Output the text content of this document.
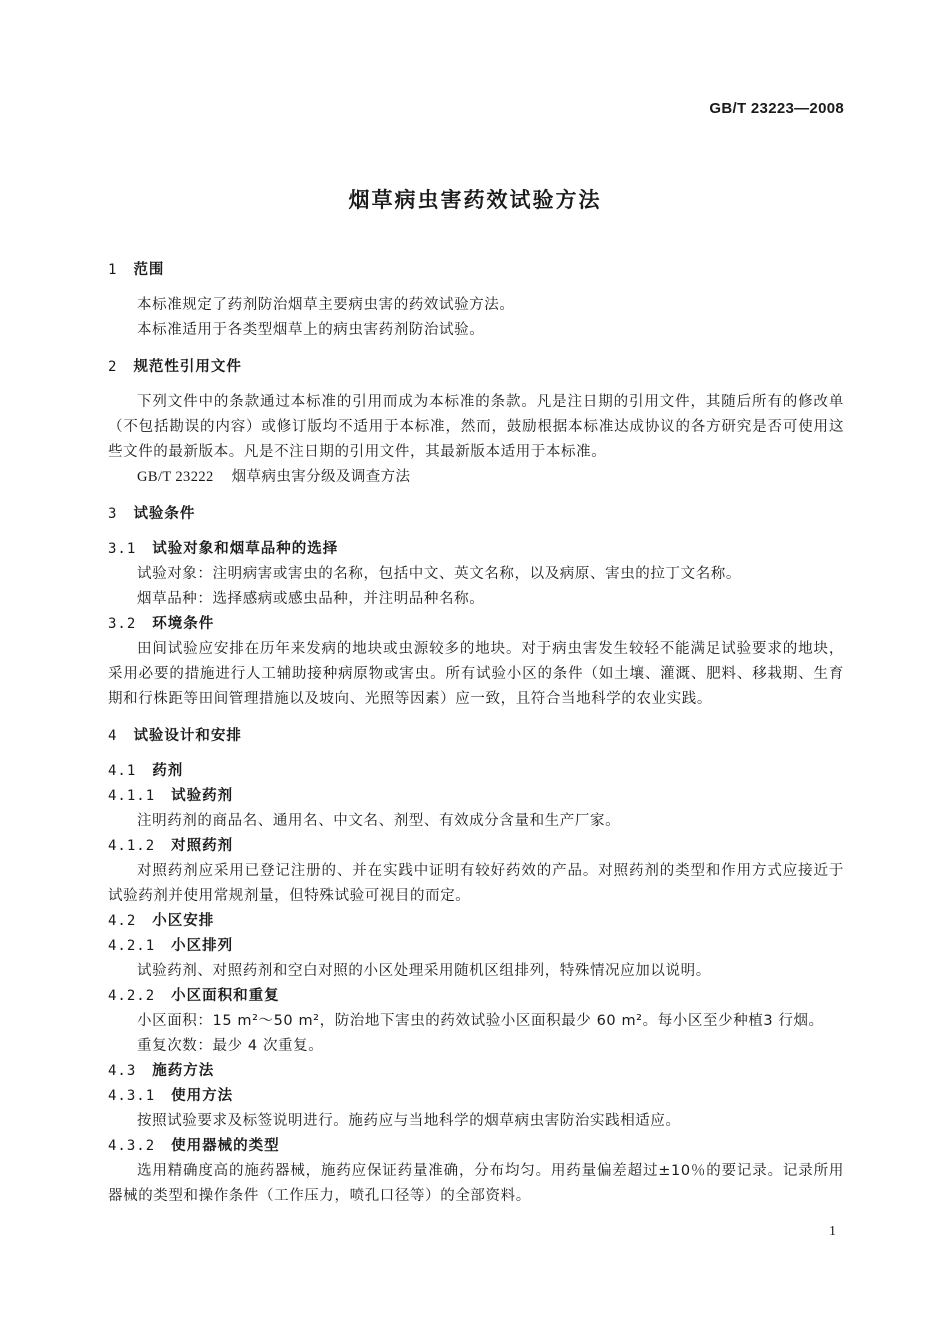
GB/T 23223—2008
烟草病虫害药效试验方法
1 范围
本标准规定了药剂防治烟草主要病虫害的药效试验方法。
本标准适用于各类型烟草上的病虫害药剂防治试验。
2 规范性引用文件
下列文件中的条款通过本标准的引用而成为本标准的条款。凡是注日期的引用文件，其随后所有的修改单（不包括勘误的内容）或修订版均不适用于本标准，然而，鼓励根据本标准达成协议的各方研究是否可使用这些文件的最新版本。凡是不注日期的引用文件，其最新版本适用于本标准。
GB/T 23222 烟草病虫害分级及调查方法
3 试验条件
3.1 试验对象和烟草品种的选择
试验对象：注明病害或害虫的名称，包括中文、英文名称，以及病原、害虫的拉丁文名称。
烟草品种：选择感病或感虫品种，并注明品种名称。
3.2 环境条件
田间试验应安排在历年来发病的地块或虫源较多的地块。对于病虫害发生较轻不能满足试验要求的地块，采用必要的措施进行人工辅助接种病原物或害虫。所有试验小区的条件（如土壤、灌溉、肥料、移栽期、生育期和行株距等田间管理措施以及坡向、光照等因素）应一致，且符合当地科学的农业实践。
4 试验设计和安排
4.1 药剂
4.1.1 试验药剂
注明药剂的商品名、通用名、中文名、剂型、有效成分含量和生产厂家。
4.1.2 对照药剂
对照药剂应采用已登记注册的、并在实践中证明有较好药效的产品。对照药剂的类型和作用方式应接近于试验药剂并使用常规剂量，但特殊试验可视目的而定。
4.2 小区安排
4.2.1 小区排列
试验药剂、对照药剂和空白对照的小区处理采用随机区组排列，特殊情况应加以说明。
4.2.2 小区面积和重复
小区面积：15 m²～50 m²，防治地下害虫的药效试验小区面积最少 60 m²。每小区至少种植3 行烟。
重复次数：最少 4 次重复。
4.3 施药方法
4.3.1 使用方法
按照试验要求及标签说明进行。施药应与当地科学的烟草病虫害防治实践相适应。
4.3.2 使用器械的类型
选用精确度高的施药器械，施药应保证药量准确，分布均匀。用药量偏差超过±10％的要记录。记录所用器械的类型和操作条件（工作压力，喷孔口径等）的全部资料。
1
